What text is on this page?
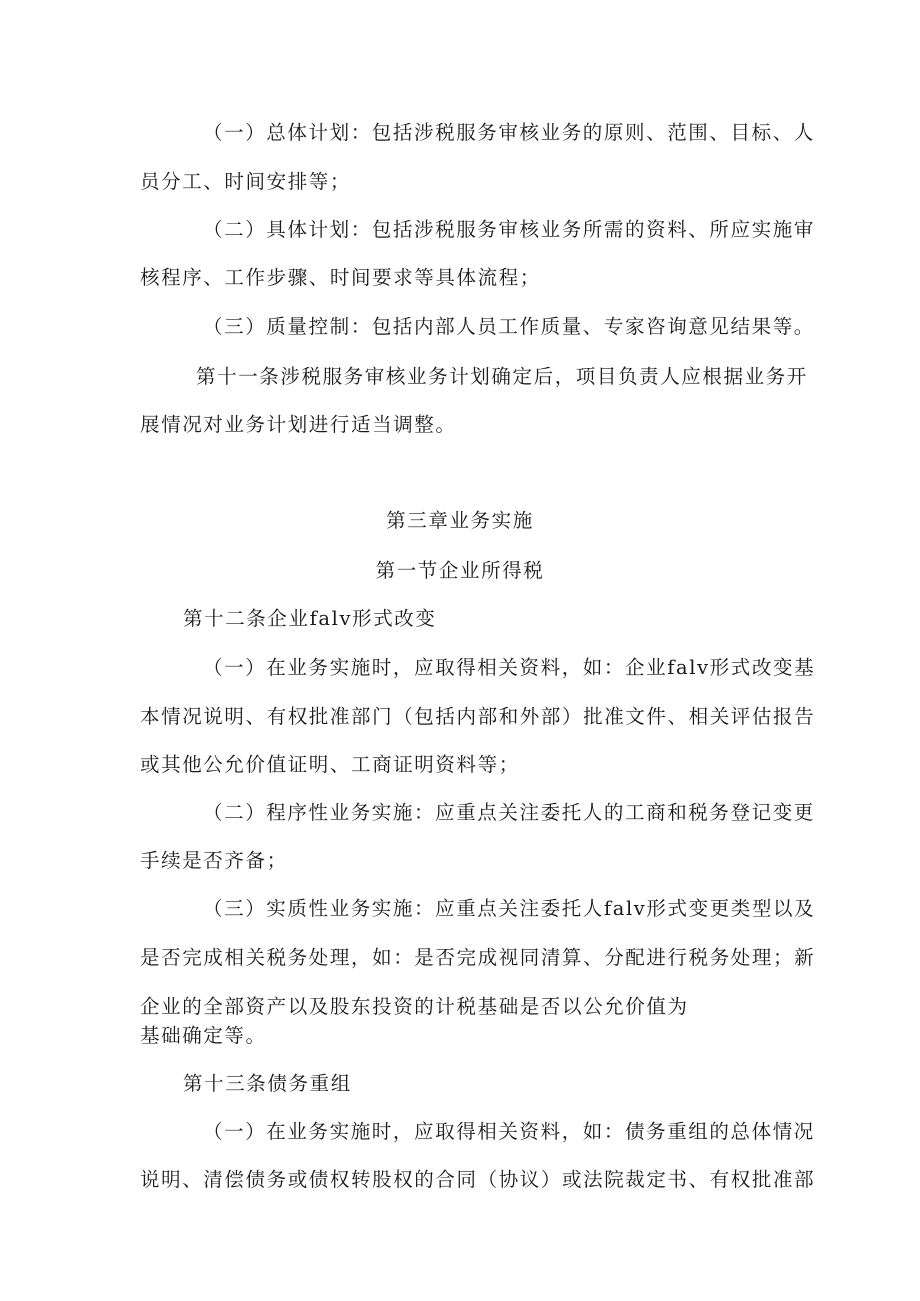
（一）总体计划：包括涉税服务审核业务的原则、范围、目标、人
员分工、时间安排等；
（二）具体计划：包括涉税服务审核业务所需的资料、所应实施审
核程序、工作步骤、时间要求等具体流程；
（三）质量控制：包括内部人员工作质量、专家咨询意见结果等。
第十一条涉税服务审核业务计划确定后，项目负责人应根据业务开
展情况对业务计划进行适当调整。
第三章业务实施
第一节企业所得税
第十二条企业falv形式改变
（一）在业务实施时，应取得相关资料，如：企业falv形式改变基
本情况说明、有权批准部门（包括内部和外部）批准文件、相关评估报告
或其他公允价值证明、工商证明资料等；
（二）程序性业务实施：应重点关注委托人的工商和税务登记变更
手续是否齐备；
（三）实质性业务实施：应重点关注委托人falv形式变更类型以及
是否完成相关税务处理，如：是否完成视同清算、分配进行税务处理；新
企业的全部资产以及股东投资的计税基础是否以公允价值为
基础确定等。
第十三条债务重组
（一）在业务实施时，应取得相关资料，如：债务重组的总体情况
说明、清偿债务或债权转股权的合同（协议）或法院裁定书、有权批准部
